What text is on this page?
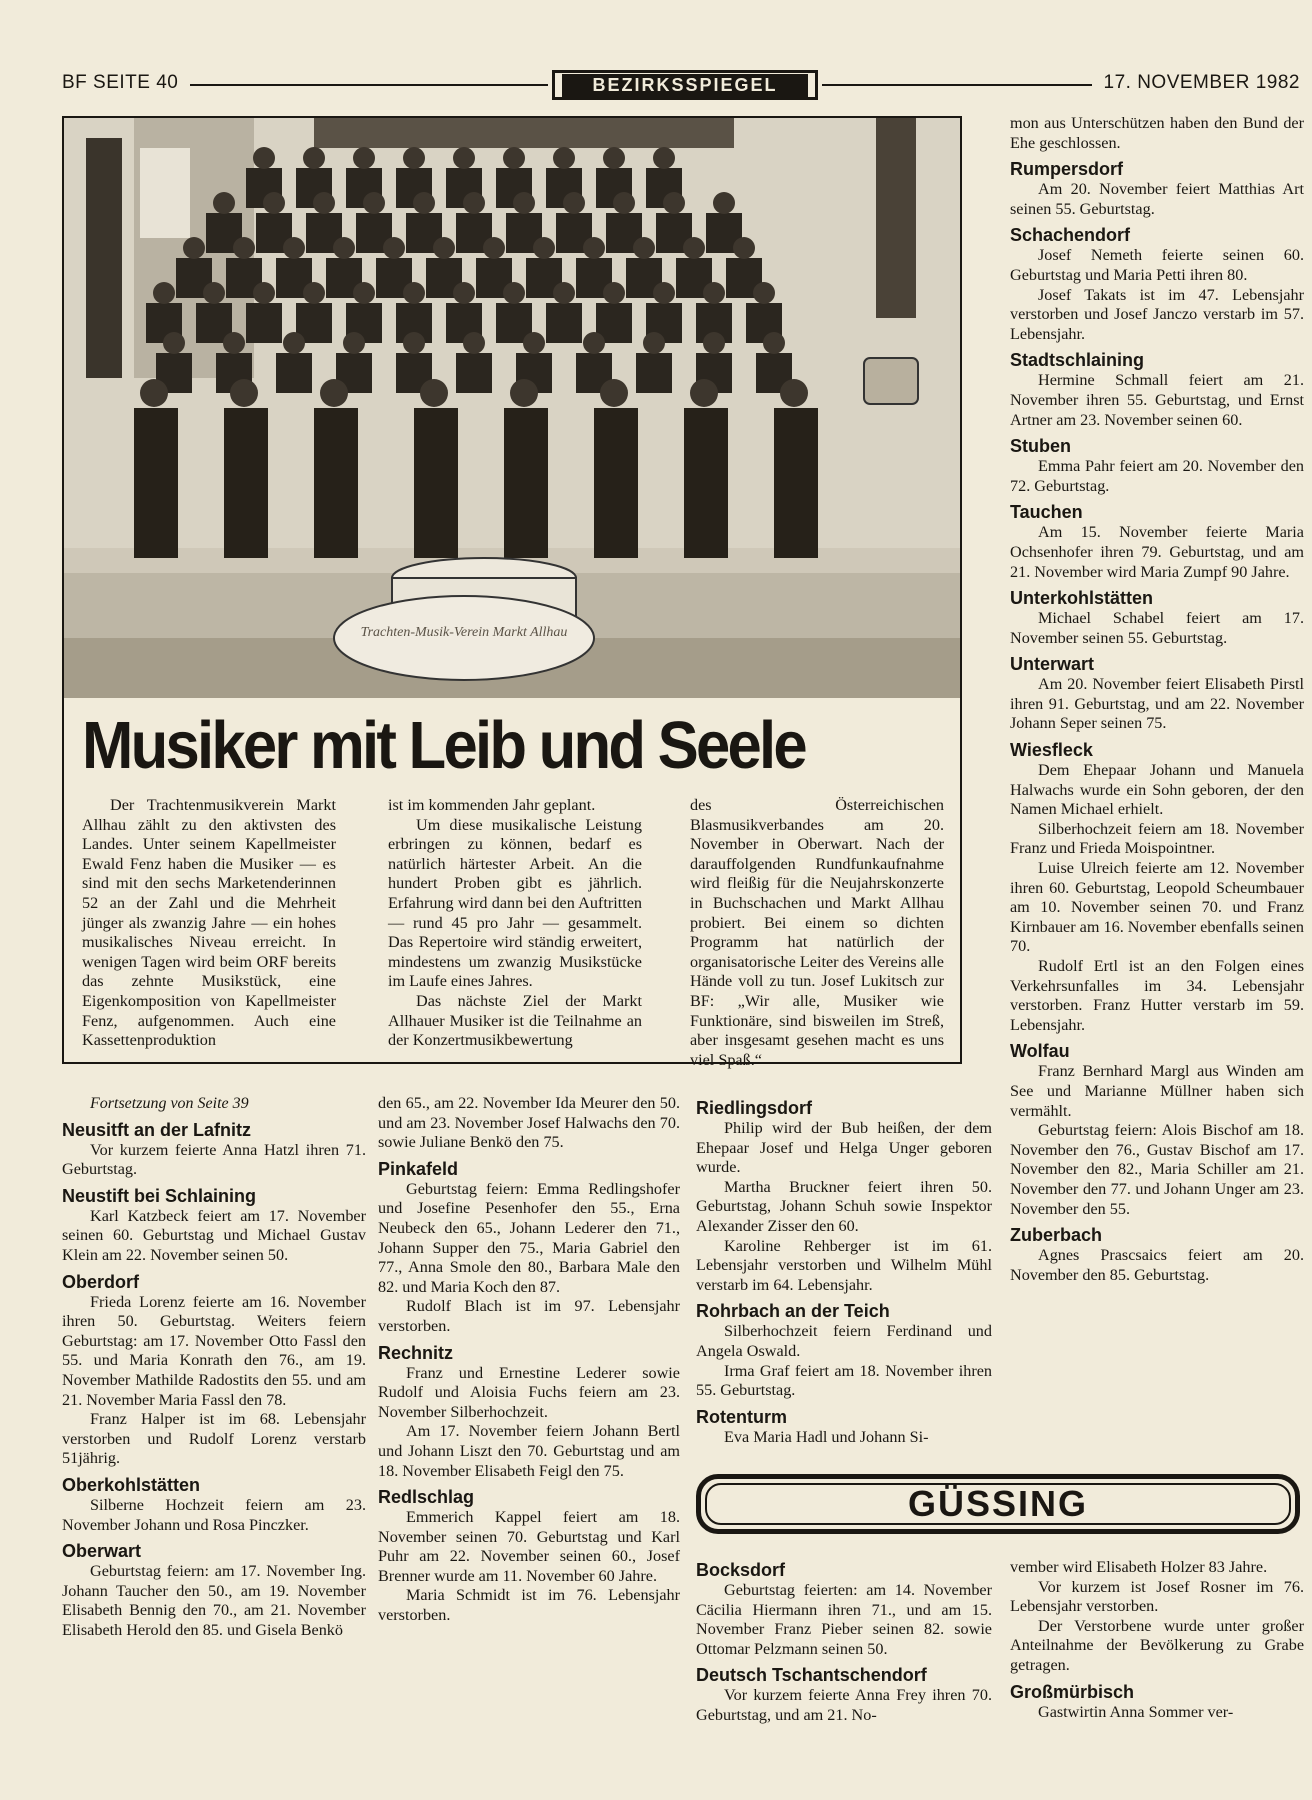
BF SEITE 40	BEZIRKSSPIEGEL	17. NOVEMBER 1982
Trachten-Musik-Verein Markt Allhau
Musiker mit Leib und Seele

Der Trachtenmusikverein Markt Allhau zählt zu den aktivsten des Landes. Unter seinem Kapellmeister Ewald Fenz haben die Musiker — es sind mit den sechs Marketenderinnen 52 an der Zahl und die Mehrheit jünger als zwanzig Jahre — ein hohes musikalisches Niveau erreicht. In wenigen Tagen wird beim ORF bereits das zehnte Musikstück, eine Eigenkomposition von Kapellmeister Fenz, aufgenommen. Auch eine Kassettenproduktion

ist im kommenden Jahr geplant.

Um diese musikalische Leistung erbringen zu können, bedarf es natürlich härtester Arbeit. An die hundert Proben gibt es jährlich. Erfahrung wird dann bei den Auftritten — rund 45 pro Jahr — gesammelt. Das Repertoire wird ständig erweitert, mindestens um zwanzig Musikstücke im Laufe eines Jahres.

Das nächste Ziel der Markt Allhauer Musiker ist die Teilnahme an der Konzertmusikbewertung

des Österreichischen Blasmusikverbandes am 20. November in Oberwart. Nach der darauffolgenden Rundfunkaufnahme wird fleißig für die Neujahrskonzerte in Buchschachen und Markt Allhau probiert. Bei einem so dichten Programm hat natürlich der organisatorische Leiter des Vereins alle Hände voll zu tun. Josef Lukitsch zur BF: „Wir alle, Musiker wie Funktionäre, sind bisweilen im Streß, aber insgesamt gesehen macht es uns viel Spaß.“

mon aus Unterschützen haben den Bund der Ehe geschlossen.

Rumpersdorf

Am 20. November feiert Matthias Art seinen 55. Geburtstag.

Schachendorf

Josef Nemeth feierte seinen 60. Geburtstag und Maria Petti ihren 80.

Josef Takats ist im 47. Lebensjahr verstorben und Josef Janczo verstarb im 57. Lebensjahr.

Stadtschlaining

Hermine Schmall feiert am 21. November ihren 55. Geburtstag, und Ernst Artner am 23. November seinen 60.

Stuben

Emma Pahr feiert am 20. November den 72. Geburtstag.

Tauchen

Am 15. November feierte Maria Ochsenhofer ihren 79. Geburtstag, und am 21. November wird Maria Zumpf 90 Jahre.

Unterkohlstätten

Michael Schabel feiert am 17. November seinen 55. Geburtstag.

Unterwart

Am 20. November feiert Elisabeth Pirstl ihren 91. Geburtstag, und am 22. November Johann Seper seinen 75.

Wiesfleck

Dem Ehepaar Johann und Manuela Halwachs wurde ein Sohn geboren, der den Namen Michael erhielt.

Silberhochzeit feiern am 18. November Franz und Frieda Moispointner.

Luise Ulreich feierte am 12. November ihren 60. Geburtstag, Leopold Scheumbauer am 10. November seinen 70. und Franz Kirnbauer am 16. November ebenfalls seinen 70.

Rudolf Ertl ist an den Folgen eines Verkehrsunfalles im 34. Lebensjahr verstorben. Franz Hutter verstarb im 59. Lebensjahr.

Wolfau

Franz Bernhard Margl aus Winden am See und Marianne Müllner haben sich vermählt.

Geburtstag feiern: Alois Bischof am 18. November den 76., Gustav Bischof am 17. November den 82., Maria Schiller am 21. November den 77. und Johann Unger am 23. November den 55.

Zuberbach

Agnes Prascsaics feiert am 20. November den 85. Geburtstag.

Fortsetzung von Seite 39

Neusitft an der Lafnitz

Vor kurzem feierte Anna Hatzl ihren 71. Geburtstag.

Neustift bei Schlaining

Karl Katzbeck feiert am 17. November seinen 60. Geburtstag und Michael Gustav Klein am 22. November seinen 50.

Oberdorf

Frieda Lorenz feierte am 16. November ihren 50. Geburtstag. Weiters feiern Geburtstag: am 17. November Otto Fassl den 55. und Maria Konrath den 76., am 19. November Mathilde Radostits den 55. und am 21. November Maria Fassl den 78.

Franz Halper ist im 68. Lebensjahr verstorben und Rudolf Lorenz verstarb 51jährig.

Oberkohlstätten

Silberne Hochzeit feiern am 23. November Johann und Rosa Pinczker.

Oberwart

Geburtstag feiern: am 17. November Ing. Johann Taucher den 50., am 19. November Elisabeth Bennig den 70., am 21. November Elisabeth Herold den 85. und Gisela Benkö

den 65., am 22. November Ida Meurer den 50. und am 23. November Josef Halwachs den 70. sowie Juliane Benkö den 75.

Pinkafeld

Geburtstag feiern: Emma Redlingshofer und Josefine Pesenhofer den 55., Erna Neubeck den 65., Johann Lederer den 71., Johann Supper den 75., Maria Gabriel den 77., Anna Smole den 80., Barbara Male den 82. und Maria Koch den 87.

Rudolf Blach ist im 97. Lebensjahr verstorben.

Rechnitz

Franz und Ernestine Lederer sowie Rudolf und Aloisia Fuchs feiern am 23. November Silberhochzeit.

Am 17. November feiern Johann Bertl und Johann Liszt den 70. Geburtstag und am 18. November Elisabeth Feigl den 75.

Redlschlag

Emmerich Kappel feiert am 18. November seinen 70. Geburtstag und Karl Puhr am 22. November seinen 60., Josef Brenner wurde am 11. November 60 Jahre.

Maria Schmidt ist im 76. Lebensjahr verstorben.

Riedlingsdorf

Philip wird der Bub heißen, der dem Ehepaar Josef und Helga Unger geboren wurde.

Martha Bruckner feiert ihren 50. Geburtstag, Johann Schuh sowie Inspektor Alexander Zisser den 60.

Karoline Rehberger ist im 61. Lebensjahr verstorben und Wilhelm Mühl verstarb im 64. Lebensjahr.

Rohrbach an der Teich

Silberhochzeit feiern Ferdinand und Angela Oswald.

Irma Graf feiert am 18. November ihren 55. Geburtstag.

Rotenturm

Eva Maria Hadl und Johann Si-

GÜSSING
Bocksdorf

Geburtstag feierten: am 14. November Cäcilia Hiermann ihren 71., und am 15. November Franz Pieber seinen 82. sowie Ottomar Pelzmann seinen 50.

Deutsch Tschantschendorf

Vor kurzem feierte Anna Frey ihren 70. Geburtstag, und am 21. No-

vember wird Elisabeth Holzer 83 Jahre.

Vor kurzem ist Josef Rosner im 76. Lebensjahr verstorben.

Der Verstorbene wurde unter großer Anteilnahme der Bevölkerung zu Grabe getragen.

Großmürbisch

Gastwirtin Anna Sommer ver-
